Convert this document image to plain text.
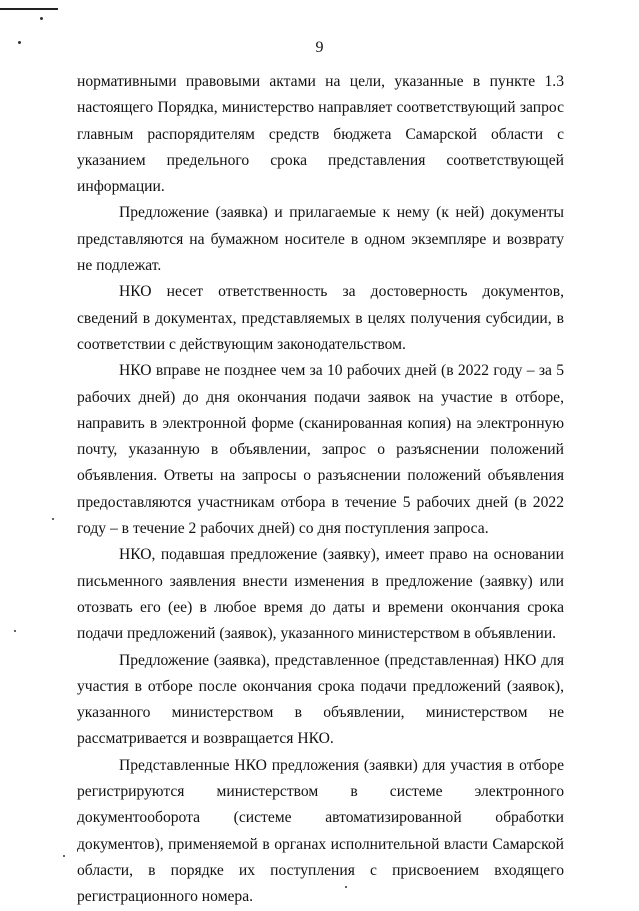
9

нормативными правовыми актами на цели, указанные в пункте 1.3 настоящего Порядка, министерство направляет соответствующий запрос главным распорядителям средств бюджета Самарской области с указанием предельного срока представления соответствующей информации.

Предложение (заявка) и прилагаемые к нему (к ней) документы представляются на бумажном носителе в одном экземпляре и возврату не подлежат.

НКО несет ответственность за достоверность документов, сведений в документах, представляемых в целях получения субсидии, в соответствии с действующим законодательством.

НКО вправе не позднее чем за 10 рабочих дней (в 2022 году – за 5 рабочих дней) до дня окончания подачи заявок на участие в отборе, направить в электронной форме (сканированная копия) на электронную почту, указанную в объявлении, запрос о разъяснении положений объявления. Ответы на запросы о разъяснении положений объявления предоставляются участникам отбора в течение 5 рабочих дней (в 2022 году – в течение 2 рабочих дней) со дня поступления запроса.

НКО, подавшая предложение (заявку), имеет право на основании письменного заявления внести изменения в предложение (заявку) или отозвать его (ее) в любое время до даты и времени окончания срока подачи предложений (заявок), указанного министерством в объявлении.

Предложение (заявка), представленное (представленная) НКО для участия в отборе после окончания срока подачи предложений (заявок), указанного министерством в объявлении, министерством не рассматривается и возвращается НКО.

Представленные НКО предложения (заявки) для участия в отборе регистрируются министерством в системе электронного документооборота (системе автоматизированной обработки документов), применяемой в органах исполнительной власти Самарской области, в порядке их поступления с присвоением входящего регистрационного номера.
